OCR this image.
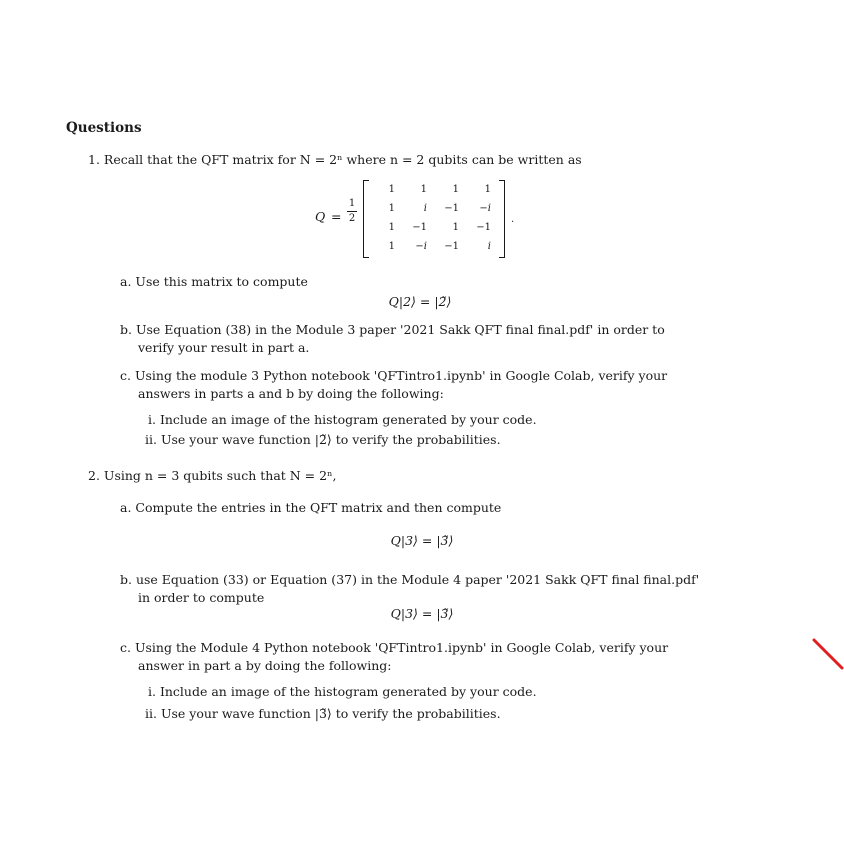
Questions
1. Recall that the QFT matrix for N = 2ⁿ where n = 2 qubits can be written as
Q =
1
2
1	1	1	1
1	i	−1	−i
1	−1	1	−1
1	−i	−1	i
.
a. Use this matrix to compute
Q|2⟩ = |2̃⟩
b. Use Equation (38) in the Module 3 paper '2021 Sakk QFT final final.pdf' in order to
verify your result in part a.
c. Using the module 3 Python notebook 'QFTintro1.ipynb' in Google Colab, verify your
answers in parts a and b by doing the following:
i. Include an image of the histogram generated by your code.
ii. Use your wave function |2̃⟩ to verify the probabilities.
2. Using n = 3 qubits such that N = 2ⁿ,
a. Compute the entries in the QFT matrix and then compute
Q|3⟩ = |3̃⟩
b. use Equation (33) or Equation (37) in the Module 4 paper '2021 Sakk QFT final final.pdf'
in order to compute
Q|3⟩ = |3̃⟩
c. Using the Module 4 Python notebook 'QFTintro1.ipynb' in Google Colab, verify your
answer in part a by doing the following:
i. Include an image of the histogram generated by your code.
ii. Use your wave function |3̃⟩ to verify the probabilities.
